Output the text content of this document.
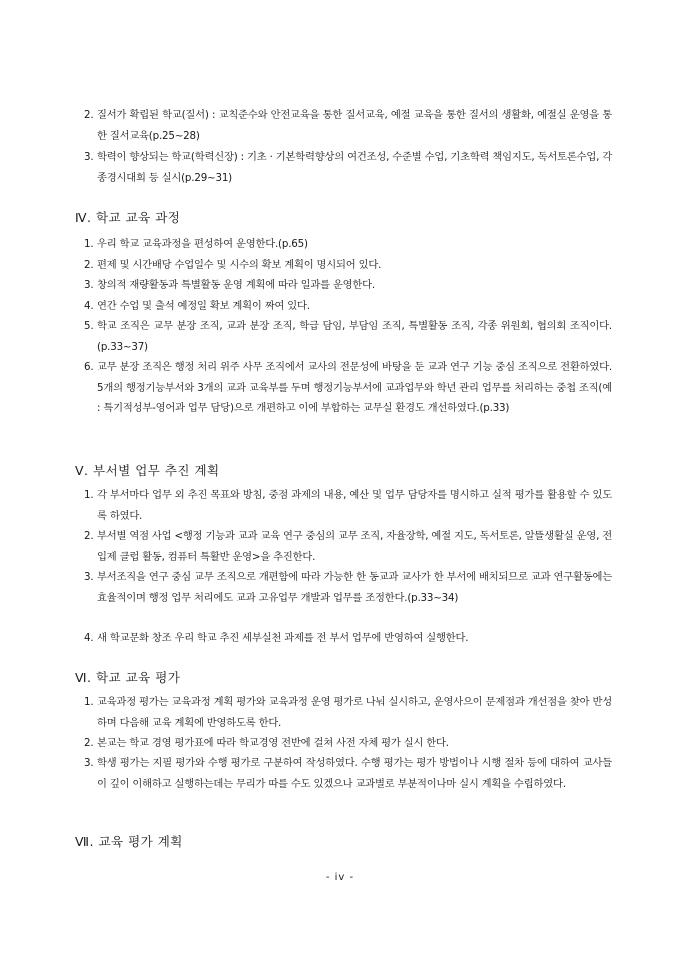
2. 질서가 확립된 학교(질서) : 교칙준수와 안전교육을 통한 질서교육, 예절 교육을 통한 질서의 생활화, 예절실 운영을 통한 질서교육(p.25∼28)
3. 학력이 향상되는 학교(학력신장) : 기초 · 기본학력향상의 여건조성, 수준별 수업, 기초학력 책임지도, 독서토론수업, 각종경시대회 등 실시(p.29∼31)
Ⅳ. 학교 교육 과정
1. 우리 학교 교육과정을 편성하여 운영한다.(p.65)
2. 편제 및 시간배당 수업일수 및 시수의 확보 계획이 명시되어 있다.
3. 창의적 재량활동과 특별활동 운영 계획에 따라 일과를 운영한다.
4. 연간 수업 및 출석 예정일 확보 계획이 짜여 있다.
5. 학교 조직은 교무 분장 조직, 교과 분장 조직, 학급 담임, 부담임 조직, 특별활동 조직, 각종 위원회, 협의회 조직이다.(p.33∼37)
6. 교무 분장 조직은 행정 처리 위주 사무 조직에서 교사의 전문성에 바탕을 둔 교과 연구 기능 중심 조직으로 전환하였다. 5개의 행정기능부서와 3개의 교과 교육부를 두며 행정기능부서에 교과업무와 학년 관리 업무를 처리하는 중첩 조직(예 : 특기적성부-영어과 업무 담당)으로 개편하고 이에 부합하는 교무실 환경도 개선하였다.(p.33)
Ⅴ. 부서별 업무 추진 계획
1. 각 부서마다 업무 외 추진 목표와 방침, 중점 과제의 내용, 예산 및 업무 담당자를 명시하고 실적 평가를 활용할 수 있도록 하였다.
2. 부서별 역점 사업 <행정 기능과 교과 교육 연구 중심의 교무 조직, 자율장학, 예절 지도, 독서토론, 알뜰생활실 운영, 전입제 클럽 활동, 컴퓨터 특활반 운영>을 추진한다.
3. 부서조직을 연구 중심 교무 조직으로 개편함에 따라 가능한 한 동교과 교사가 한 부서에 배치되므로 교과 연구활동에는 효율적이며 행정 업무 처리에도 교과 고유업무 개발과 업무를 조정한다.(p.33∼34)
4. 새 학교문화 창조 우리 학교 추진 세부실천 과제를 전 부서 업무에 반영하여 실행한다.
Ⅵ. 학교 교육 평가
1. 교육과정 평가는 교육과정 계획 평가와 교육과정 운영 평가로 나눠 실시하고, 운영사으이 문제점과 개선점을 찾아 반성하며 다음해 교육 계획에 반영하도록 한다.
2. 본교는 학교 경영 평가표에 따라 학교경영 전반에 걸쳐 사전 자체 평가 실시 한다.
3. 학생 평가는 지필 평가와 수행 평가로 구분하여 작성하였다. 수행 평가는 평가 방법이나 시행 절차 등에 대하여 교사들이 깊이 이해하고 실행하는데는 무리가 따를 수도 있겠으나 교과별로 부분적이나마 실시 계획을 수립하였다.
Ⅶ. 교육 평가 계획
- iv -
